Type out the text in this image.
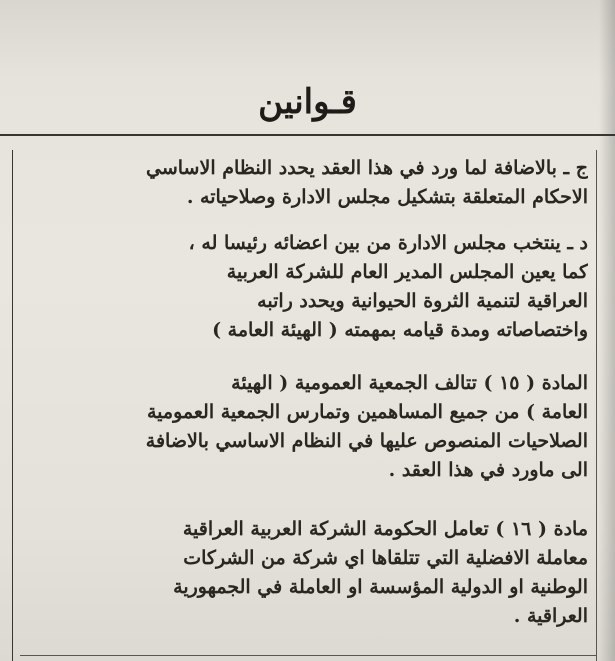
قـوانين
ج ـ بالاضافة لما ورد في هذا العقد يحدد النظام الاساسي
الاحكام المتعلقة بتشكيل مجلس الادارة وصلاحياته .
د ـ ينتخب مجلس الادارة من بين اعضائه رئيسا له ،
كما يعين المجلس المدير العام للشركة العربية
العراقية لتنمية الثروة الحيوانية ويحدد راتبه
واختصاصاته ومدة قيامه بمهمته ( الهيئة العامة )
المادة ( ١٥ ) تتالف الجمعية العمومية ( الهيئة
العامة ) من جميع المساهمين وتمارس الجمعية العمومية
الصلاحيات المنصوص عليها في النظام الاساسي بالاضافة
الى ماورد في هذا العقد .
مادة ( ١٦ ) تعامل الحكومة الشركة العربية العراقية
معاملة الافضلية التي تتلقاها اي شركة من الشركات
الوطنية او الدولية المؤسسة او العاملة في الجمهورية
العراقية .
